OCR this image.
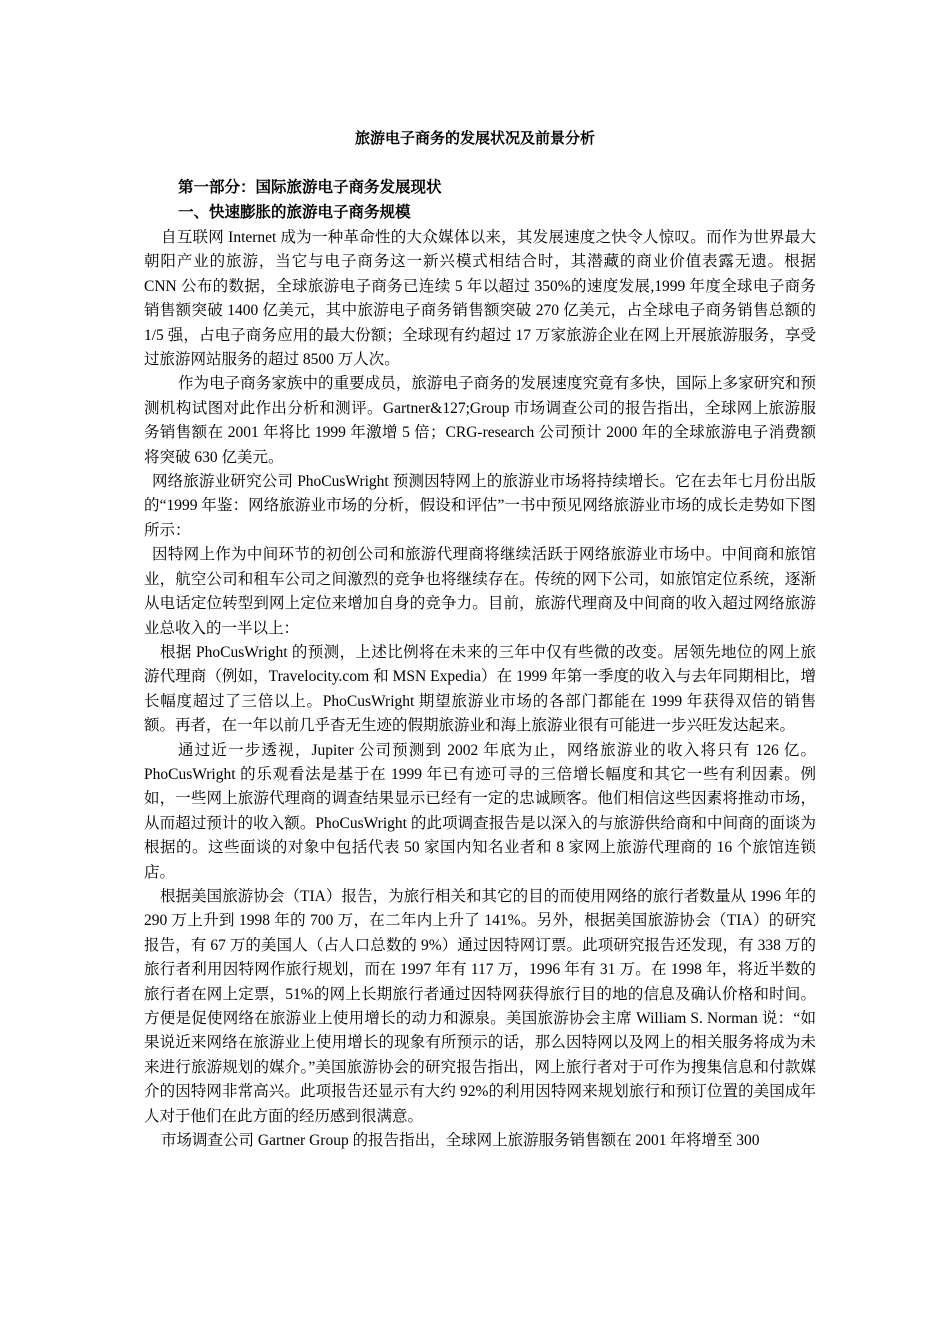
旅游电子商务的发展状况及前景分析
第一部分：国际旅游电子商务发展现状
一、快速膨胀的旅游电子商务规模

自互联网 Internet 成为一种革命性的大众媒体以来，其发展速度之快令人惊叹。而作为世界最大朝阳产业的旅游，当它与电子商务这一新兴模式相结合时，其潜藏的商业价值表露无遗。根据 CNN 公布的数据，全球旅游电子商务已连续 5 年以超过 350%的速度发展,1999 年度全球电子商务销售额突破 1400 亿美元，其中旅游电子商务销售额突破 270 亿美元，占全球电子商务销售总额的 1/5 强，占电子商务应用的最大份额；全球现有约超过 17 万家旅游企业在网上开展旅游服务，享受过旅游网站服务的超过 8500 万人次。

作为电子商务家族中的重要成员，旅游电子商务的发展速度究竟有多快，国际上多家研究和预测机构试图对此作出分析和测评。Gartner&127;Group 市场调查公司的报告指出，全球网上旅游服务销售额在 2001 年将比 1999 年激增 5 倍；CRG-research 公司预计 2000 年的全球旅游电子消费额将突破 630 亿美元。

网络旅游业研究公司 PhoCusWright 预测因特网上的旅游业市场将持续增长。它在去年七月份出版的“1999 年鉴：网络旅游业市场的分析，假设和评估”一书中预见网络旅游业市场的成长走势如下图所示：

因特网上作为中间环节的初创公司和旅游代理商将继续活跃于网络旅游业市场中。中间商和旅馆业，航空公司和租车公司之间激烈的竞争也将继续存在。传统的网下公司，如旅馆定位系统，逐渐从电话定位转型到网上定位来增加自身的竞争力。目前，旅游代理商及中间商的收入超过网络旅游业总收入的一半以上：

根据 PhoCusWright 的预测，上述比例将在未来的三年中仅有些微的改变。居领先地位的网上旅游代理商（例如，Travelocity.com 和 MSN Expedia）在 1999 年第一季度的收入与去年同期相比，增长幅度超过了三倍以上。PhoCusWright 期望旅游业市场的各部门都能在 1999 年获得双倍的销售额。再者，在一年以前几乎杳无生迹的假期旅游业和海上旅游业很有可能进一步兴旺发达起来。

通过近一步透视，Jupiter 公司预测到 2002 年底为止，网络旅游业的收入将只有 126 亿。PhoCusWright 的乐观看法是基于在 1999 年已有迹可寻的三倍增长幅度和其它一些有利因素。例如，一些网上旅游代理商的调查结果显示已经有一定的忠诚顾客。他们相信这些因素将推动市场，从而超过预计的收入额。PhoCusWright 的此项调查报告是以深入的与旅游供给商和中间商的面谈为根据的。这些面谈的对象中包括代表 50 家国内知名业者和 8 家网上旅游代理商的 16 个旅馆连锁店。

根据美国旅游协会（TIA）报告，为旅行相关和其它的目的而使用网络的旅行者数量从 1996 年的 290 万上升到 1998 年的 700 万，在二年内上升了 141%。另外，根据美国旅游协会（TIA）的研究报告，有 67 万的美国人（占人口总数的 9%）通过因特网订票。此项研究报告还发现，有 338 万的旅行者利用因特网作旅行规划，而在 1997 年有 117 万，1996 年有 31 万。在 1998 年，将近半数的旅行者在网上定票，51%的网上长期旅行者通过因特网获得旅行目的地的信息及确认价格和时间。方便是促使网络在旅游业上使用增长的动力和源泉。美国旅游协会主席 William S. Norman 说：“如果说近来网络在旅游业上使用增长的现象有所预示的话，那么因特网以及网上的相关服务将成为未来进行旅游规划的媒介。”美国旅游协会的研究报告指出，网上旅行者对于可作为搜集信息和付款媒介的因特网非常高兴。此项报告还显示有大约 92%的利用因特网来规划旅行和预订位置的美国成年人对于他们在此方面的经历感到很满意。

市场调查公司 Gartner Group 的报告指出，全球网上旅游服务销售额在 2001 年将增至 300
